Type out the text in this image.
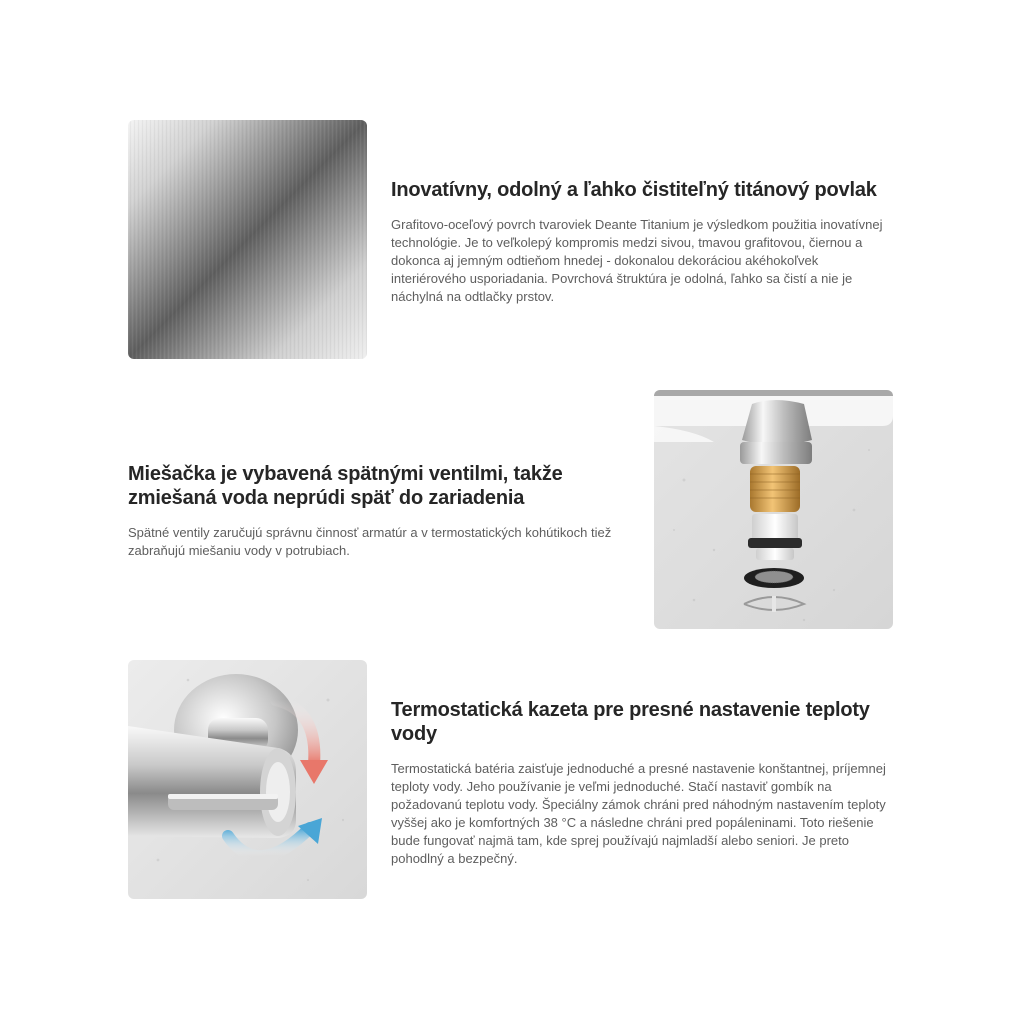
Inovatívny, odolný a ľahko čistiteľný titánový povlak

Grafitovo-oceľový povrch tvaroviek Deante Titanium je výsledkom použitia inovatívnej technológie. Je to veľkolepý kompromis medzi sivou, tmavou grafitovou, čiernou a dokonca aj jemným odtieňom hnedej - dokonalou dekoráciou akéhokoľvek interiérového usporiadania. Povrchová štruktúra je odolná, ľahko sa čistí a nie je náchylná na odtlačky prstov.

Miešačka je vybavená spätnými ventilmi, takže zmiešaná voda neprúdi späť do zariadenia

Spätné ventily zaručujú správnu činnosť armatúr a v termostatických kohútikoch tiež zabraňujú miešaniu vody v potrubiach.

Termostatická kazeta pre presné nastavenie teploty vody

Termostatická batéria zaisťuje jednoduché a presné nastavenie konštantnej, príjemnej teploty vody. Jeho používanie je veľmi jednoduché. Stačí nastaviť gombík na požadovanú teplotu vody. Špeciálny zámok chráni pred náhodným nastavením teploty vyššej ako je komfortných 38 °C a následne chráni pred popáleninami. Toto riešenie bude fungovať najmä tam, kde sprej používajú najmladší alebo seniori. Je preto pohodlný a bezpečný.
